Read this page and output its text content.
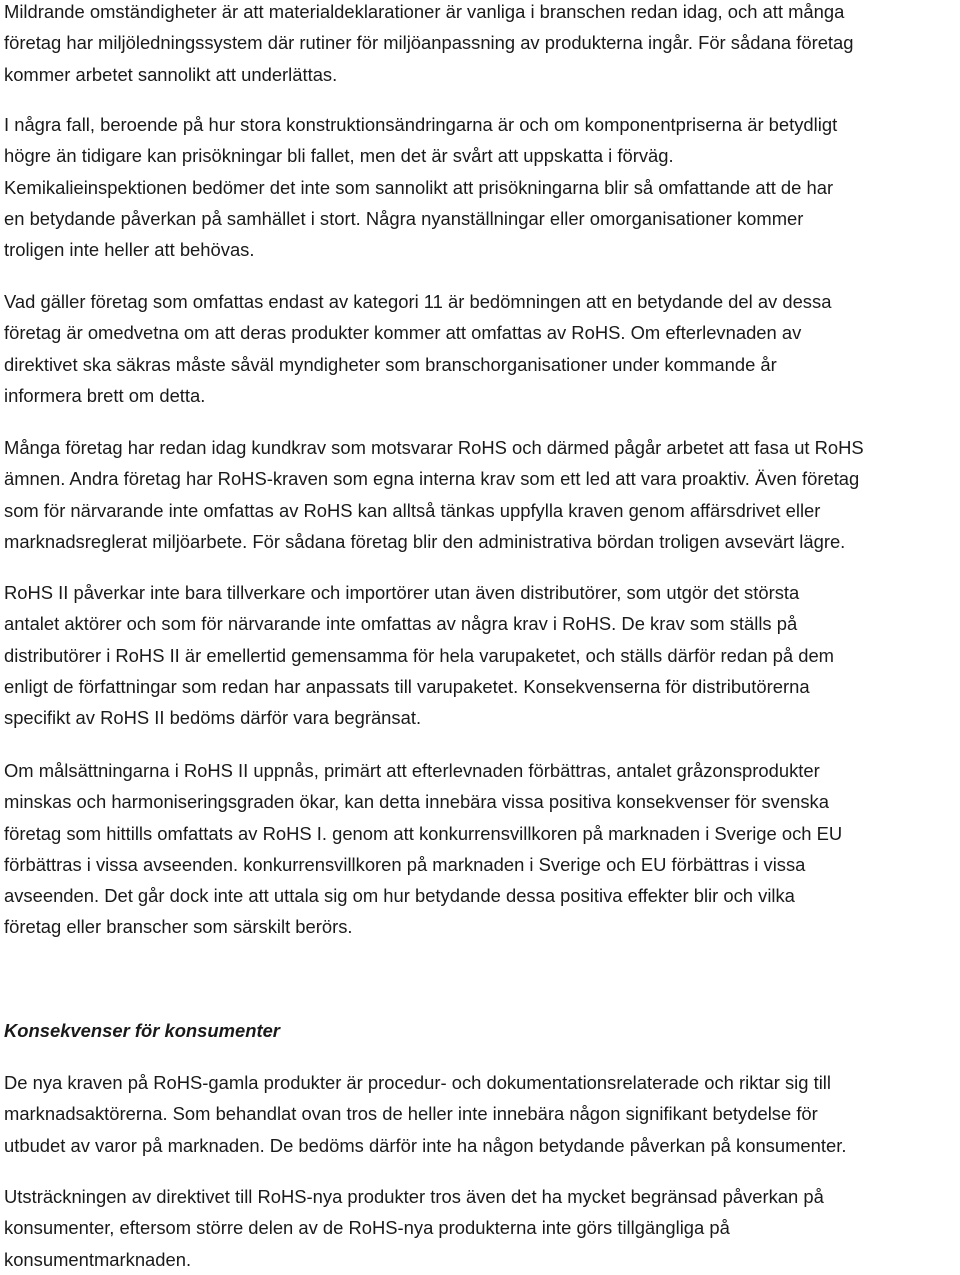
Mildrande omständigheter är att materialdeklarationer är vanliga i branschen redan idag, och att många
företag har miljöledningssystem där rutiner för miljöanpassning av produkterna ingår. För sådana företag
kommer arbetet sannolikt att underlättas.

I några fall, beroende på hur stora konstruktionsändringarna är och om komponentpriserna är betydligt
högre än tidigare kan prisökningar bli fallet, men det är svårt att uppskatta i förväg.
Kemikalieinspektionen bedömer det inte som sannolikt att prisökningarna blir så omfattande att de har
en betydande påverkan på samhället i stort. Några nyanställningar eller omorganisationer kommer
troligen inte heller att behövas.

Vad gäller företag som omfattas endast av kategori 11 är bedömningen att en betydande del av dessa
företag är omedvetna om att deras produkter kommer att omfattas av RoHS. Om efterlevnaden av
direktivet ska säkras måste såväl myndigheter som branschorganisationer under kommande år
informera brett om detta.

Många företag har redan idag kundkrav som motsvarar RoHS och därmed pågår arbetet att fasa ut RoHS
ämnen. Andra företag har RoHS-kraven som egna interna krav som ett led att vara proaktiv. Även företag
som för närvarande inte omfattas av RoHS kan alltså tänkas uppfylla kraven genom affärsdrivet eller
marknadsreglerat miljöarbete. För sådana företag blir den administrativa bördan troligen avsevärt lägre.

RoHS II påverkar inte bara tillverkare och importörer utan även distributörer, som utgör det största
antalet aktörer och som för närvarande inte omfattas av några krav i RoHS. De krav som ställs på
distributörer i RoHS II är emellertid gemensamma för hela varupaketet, och ställs därför redan på dem
enligt de författningar som redan har anpassats till varupaketet. Konsekvenserna för distributörerna
specifikt av RoHS II bedöms därför vara begränsat.

Om målsättningarna i RoHS II uppnås, primärt att efterlevnaden förbättras, antalet gråzonsprodukter
minskas och harmoniseringsgraden ökar, kan detta innebära vissa positiva konsekvenser för svenska
företag som hittills omfattats av RoHS I. genom att konkurrensvillkoren på marknaden i Sverige och EU
förbättras i vissa avseenden. konkurrensvillkoren på marknaden i Sverige och EU förbättras i vissa
avseenden. Det går dock inte att uttala sig om hur betydande dessa positiva effekter blir och vilka
företag eller branscher som särskilt berörs.

Konsekvenser för konsumenter

De nya kraven på RoHS-gamla produkter är procedur- och dokumentationsrelaterade och riktar sig till
marknadsaktörerna. Som behandlat ovan tros de heller inte innebära någon signifikant betydelse för
utbudet av varor på marknaden. De bedöms därför inte ha någon betydande påverkan på konsumenter.

Utsträckningen av direktivet till RoHS-nya produkter tros även det ha mycket begränsad påverkan på
konsumenter, eftersom större delen av de RoHS-nya produkterna inte görs tillgängliga på
konsumentmarknaden.
